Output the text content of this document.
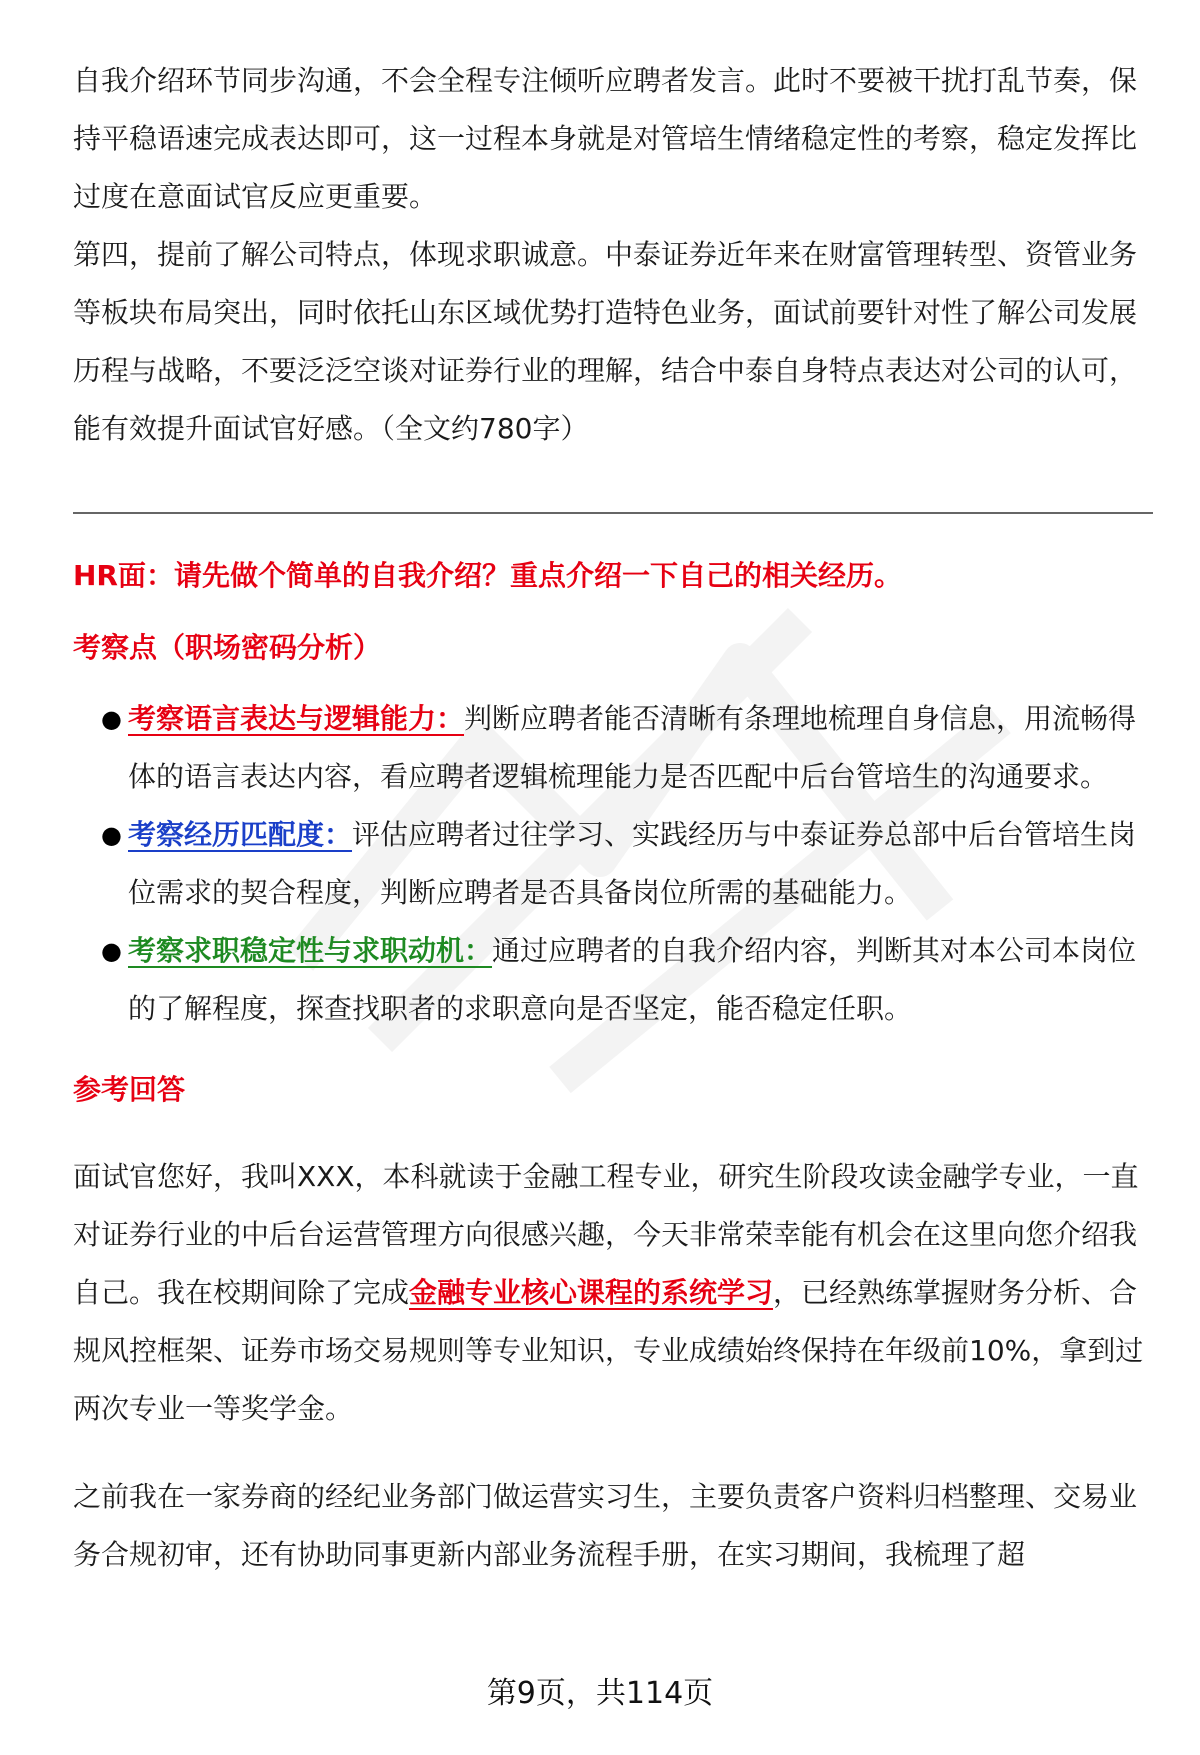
自我介绍环节同步沟通，不会全程专注倾听应聘者发言。此时不要被干扰打乱节奏，保持平稳语速完成表达即可，这一过程本身就是对管培生情绪稳定性的考察，稳定发挥比过度在意面试官反应更重要。

第四，提前了解公司特点，体现求职诚意。中泰证券近年来在财富管理转型、资管业务等板块布局突出，同时依托山东区域优势打造特色业务，面试前要针对性了解公司发展历程与战略，不要泛泛空谈对证券行业的理解，结合中泰自身特点表达对公司的认可，能有效提升面试官好感。（全文约780字）

HR面：请先做个简单的自我介绍？重点介绍一下自己的相关经历。

考察点（职场密码分析）

● 考察语言表达与逻辑能力：判断应聘者能否清晰有条理地梳理自身信息，用流畅得体的语言表达内容，看应聘者逻辑梳理能力是否匹配中后台管培生的沟通要求。
● 考察经历匹配度：评估应聘者过往学习、实践经历与中泰证券总部中后台管培生岗位需求的契合程度，判断应聘者是否具备岗位所需的基础能力。
● 考察求职稳定性与求职动机：通过应聘者的自我介绍内容，判断其对本公司本岗位的了解程度，探查找职者的求职意向是否坚定，能否稳定任职。

参考回答

面试官您好，我叫XXX，本科就读于金融工程专业，研究生阶段攻读金融学专业，一直对证券行业的中后台运营管理方向很感兴趣，今天非常荣幸能有机会在这里向您介绍我自己。我在校期间除了完成金融专业核心课程的系统学习，已经熟练掌握财务分析、合规风控框架、证券市场交易规则等专业知识，专业成绩始终保持在年级前10%，拿到过两次专业一等奖学金。

之前我在一家券商的经纪业务部门做运营实习生，主要负责客户资料归档整理、交易业务合规初审，还有协助同事更新内部业务流程手册，在实习期间，我梳理了超

第9页，共114页
